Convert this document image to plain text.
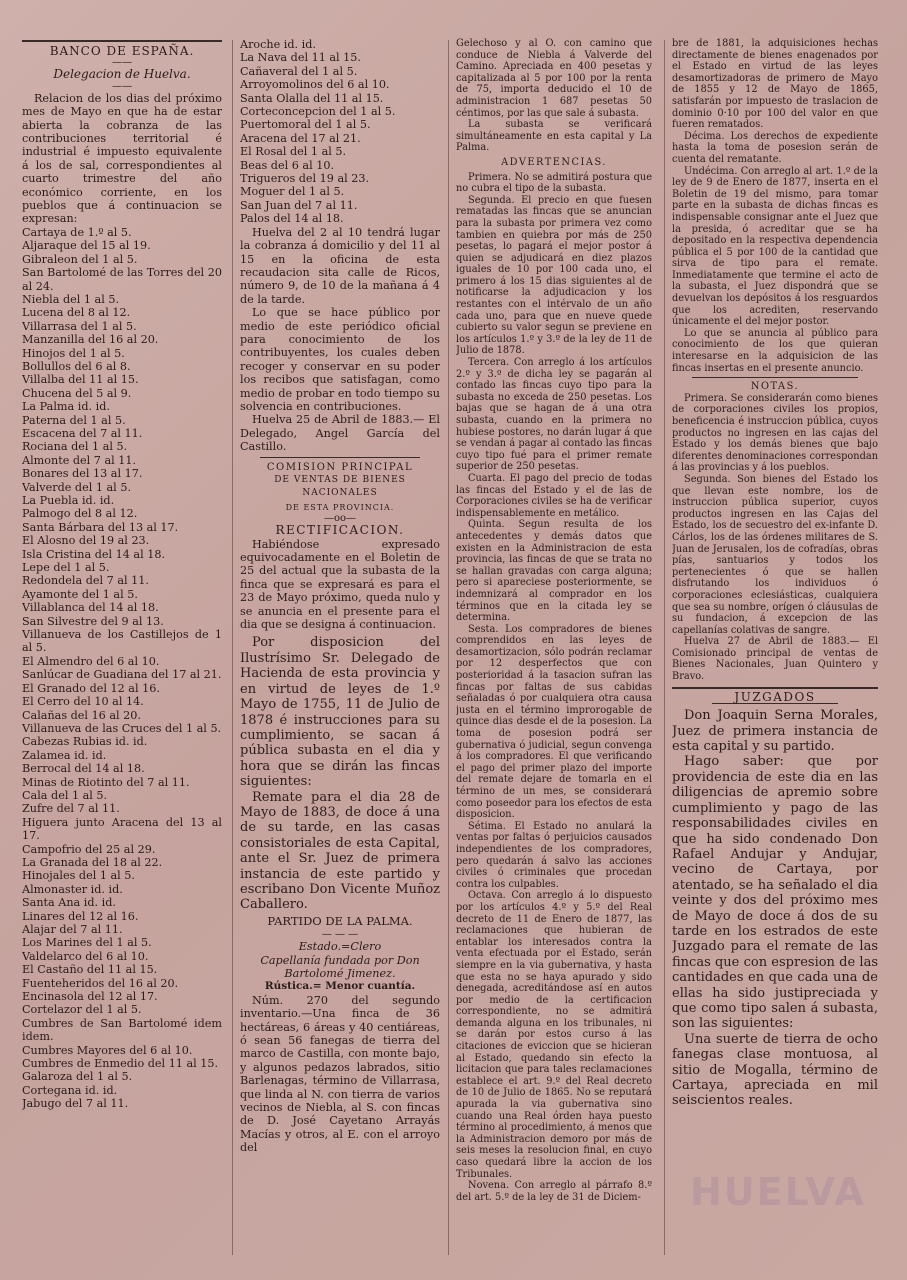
BANCO DE ESPAÑA.
——
Delegacion de Huelva.
——

Relacion de los dias del próximo mes de Mayo en que ha de estar abierta la cobranza de las contribuciones territorial é industrial é impuesto equivalente á los de sal, correspondientes al cuarto trimestre del año económico corriente, en los pueblos que á continuacion se expresan:

Cartaya de 1.º al 5.

Aljaraque del 15 al 19.

Gibraleon del 1 al 5.

San Bartolomé de las Torres del 20 al 24.

Niebla del 1 al 5.

Lucena del 8 al 12.

Villarrasa del 1 al 5.

Manzanilla del 16 al 20.

Hinojos del 1 al 5.

Bollullos del 6 al 8.

Villalba del 11 al 15.

Chucena del 5 al 9.

La Palma id. id.

Paterna del 1 al 5.

Escacena del 7 al 11.

Rociana del 1 al 5.

Almonte del 7 al 11.

Bonares del 13 al 17.

Valverde del 1 al 5.

La Puebla id. id.

Palmogo del 8 al 12.

Santa Bárbara del 13 al 17.

El Alosno del 19 al 23.

Isla Cristina del 14 al 18.

Lepe del 1 al 5.

Redondela del 7 al 11.

Ayamonte del 1 al 5.

Villablanca del 14 al 18.

San Silvestre del 9 al 13.

Villanueva de los Castillejos de 1 al 5.

El Almendro del 6 al 10.

Sanlúcar de Guadiana del 17 al 21.

El Granado del 12 al 16.

El Cerro del 10 al 14.

Calañas del 16 al 20.

Villanueva de las Cruces del 1 al 5.

Cabezas Rubias id. id.

Zalamea id. id.

Berrocal del 14 al 18.

Minas de Riotinto del 7 al 11.

Cala del 1 al 5.

Zufre del 7 al 11.

Higuera junto Aracena del 13 al 17.

Campofrio del 25 al 29.

La Granada del 18 al 22.

Hinojales del 1 al 5.

Almonaster id. id.

Santa Ana id. id.

Linares del 12 al 16.

Alajar del 7 al 11.

Los Marines del 1 al 5.

Valdelarco del 6 al 10.

El Castaño del 11 al 15.

Fuenteheridos del 16 al 20.

Encinasola del 12 al 17.

Cortelazor del 1 al 5.

Cumbres de San Bartolomé idem idem.

Cumbres Mayores del 6 al 10.

Cumbres de Enmedio del 11 al 15.

Galaroza del 1 al 5.

Cortegana id. id.

Jabugo del 7 al 11.

Aroche id. id.

La Nava del 11 al 15.

Cañaveral del 1 al 5.

Arroyomolinos del 6 al 10.

Santa Olalla del 11 al 15.

Corteconcepcion del 1 al 5.

Puertomoral del 1 al 5.

Aracena del 17 al 21.

El Rosal del 1 al 5.

Beas del 6 al 10.

Trigueros del 19 al 23.

Moguer del 1 al 5.

San Juan del 7 al 11.

Palos del 14 al 18.

Huelva del 2 al 10 tendrá lugar la cobranza á domicilio y del 11 al 15 en la oficina de esta recaudacion sita calle de Ricos, número 9, de 10 de la mañana á 4 de la tarde.

Lo que se hace público por medio de este periódico oficial para conocimiento de los contribuyentes, los cuales deben recoger y conservar en su poder los recibos que satisfagan, como medio de probar en todo tiempo su solvencia en contribuciones.

Huelva 25 de Abril de 1883.— El Delegado, Angel García del Castillo.

COMISION PRINCIPAL
DE VENTAS DE BIENES NACIONALES
DE ESTA PROVINCIA.
—oo—
RECTIFICACION.

Habiéndose expresado equivocadamente en el Boletin de 25 del actual que la subasta de la finca que se expresará es para el 23 de Mayo próximo, queda nulo y se anuncia en el presente para el dia que se designa á continuacion.

Por disposicion del Ilustrísimo Sr. Delegado de Hacienda de esta provincia y en virtud de leyes de 1.º Mayo de 1755, 11 de Julio de 1878 é instrucciones para su cumplimiento, se sacan á pública subasta en el dia y hora que se dirán las fincas siguientes:

Remate para el dia 28 de Mayo de 1883, de doce á una de su tarde, en las casas consistoriales de esta Capital, ante el Sr. Juez de primera instancia de este partido y escribano Don Vicente Muñoz Caballero.

PARTIDO DE LA PALMA.
— — —
Estado.=Clero
Capellanía fundada por Don Bartolomé Jimenez.
Rústica.= Menor cuantía.

Núm. 270 del segundo inventario.—Una finca de 36 hectáreas, 6 áreas y 40 centiáreas, ó sean 56 fanegas de tierra del marco de Castilla, con monte bajo, y algunos pedazos labrados, sitio Barlenagas, término de Villarrasa, que linda al N. con tierra de varios vecinos de Niebla, al S. con fincas de D. José Cayetano Arrayás Macías y otros, al E. con el arroyo del

Gelechoso y al O. con camino que conduce de Niebla á Valverde del Camino. Apreciada en 400 pesetas y capitalizada al 5 por 100 por la renta de 75, importa deducido el 10 de administracion 1 687 pesetas 50 céntimos, por las que sale á subasta.

La subasta se verificará simultáneamente en esta capital y La Palma.

ADVERTENCIAS.

Primera. No se admitirá postura que no cubra el tipo de la subasta.

Segunda. El precio en que fuesen rematadas las fincas que se anuncian para la subasta por primera vez como tambien en quiebra por más de 250 pesetas, lo pagará el mejor postor á quien se adjudicará en diez plazos iguales de 10 por 100 cada uno, el primero á los 15 dias siguientes al de notificarse la adjudicacion y los restantes con el intérvalo de un año cada uno, para que en nueve quede cubierto su valor segun se previene en los artículos 1.º y 3.º de la ley de 11 de Julio de 1878.

Tercera. Con arreglo á los artículos 2.º y 3.º de dicha ley se pagarán al contado las fincas cuyo tipo para la subasta no exceda de 250 pesetas. Los bajas que se hagan de á una otra subasta, cuando en la primera no hubiese postores, no darán lugar á que se vendan á pagar al contado las fincas cuyo tipo fué para el primer remate superior de 250 pesetas.

Cuarta. El pago del precio de todas las fincas del Estado y el de las de Corporaciones civiles se ha de verificar indispensablemente en metálico.

Quinta. Segun resulta de los antecedentes y demás datos que existen en la Administracion de esta provincia, las fincas de que se trata no se hallan gravadas con carga alguna; pero si apareciese posteriormente, se indemnizará al comprador en los términos que en la citada ley se determina.

Sesta. Los compradores de bienes comprendidos en las leyes de desamortizacion, sólo podrán reclamar por 12 desperfectos que con posterioridad á la tasacion sufran las fincas por faltas de sus cabidas señaladas ó por cualquiera otra causa justa en el término improrogable de quince dias desde el de la posesion. La toma de posesion podrá ser gubernativa ó judicial, segun convenga á los compradores. El que verificando el pago del primer plazo del importe del remate dejare de tomarla en el término de un mes, se considerará como poseedor para los efectos de esta disposicion.

Sétima. El Estado no anulará la ventas por faltas ó perjuicios causados independientes de los compradores, pero quedarán á salvo las acciones civiles ó criminales que procedan contra los culpables.

Octava. Con arreglo á lo dispuesto por los artículos 4.º y 5.º del Real decreto de 11 de Enero de 1877, las reclamaciones que hubieran de entablar los interesados contra la venta efectuada por el Estado, serán siempre en la via gubernativa, y hasta que esta no se haya apurado y sido denegada, acreditándose así en autos por medio de la certificacion correspondiente, no se admitirá demanda alguna en los tribunales, ni se darán por estos curso á las citaciones de eviccion que se hicieran al Estado, quedando sin efecto la licitacion que para tales reclamaciones establece el art. 9.º del Real decreto de 10 de Julio de 1865. No se reputará apurada la via gubernativa sino cuando una Real órden haya puesto término al procedimiento, á menos que la Administracion demoro por más de seis meses la resolucion final, en cuyo caso quedará libre la accion de los Tribunales.

Novena. Con arreglo al párrafo 8.º del art. 5.º de la ley de 31 de Diciem-

bre de 1881, la adquisiciones hechas directamente de bienes enagenados por el Estado en virtud de las leyes desamortizadoras de primero de Mayo de 1855 y 12 de Mayo de 1865, satisfarán por impuesto de traslacion de dominio 0·10 por 100 del valor en que fueren rematados.

Décima. Los derechos de expediente hasta la toma de posesion serán de cuenta del rematante.

Undécima. Con arreglo al art. 1.º de la ley de 9 de Enero de 1877, inserta en el Boletin de 19 del mismo, para tomar parte en la subasta de dichas fincas es indispensable consignar ante el Juez que la presida, ó acreditar que se ha depositado en la respectiva dependencia pública el 5 por 100 de la cantidad que sirva de tipo para el remate. Inmediatamente que termine el acto de la subasta, el Juez dispondrá que se devuelvan los depósitos á los resguardos que los acrediten, reservando únicamente el del mejor postor.

Lo que se anuncia al público para conocimiento de los que quieran interesarse en la adquisicion de las fincas insertas en el presente anuncio.

NOTAS.

Primera. Se considerarán como bienes de corporaciones civiles los propios, beneficencia é instruccion pública, cuyos productos no ingresen en las cajas del Estado y los demás bienes que bajo diferentes denominaciones correspondan á las provincias y á los pueblos.

Segunda. Son bienes del Estado los que llevan este nombre, los de instruccion pública superior, cuyos productos ingresen en las Cajas del Estado, los de secuestro del ex-infante D. Cárlos, los de las órdenes militares de S. Juan de Jerusalen, los de cofradías, obras pías, santuarios y todos los pertenecientes ó que se hallen disfrutando los individuos ó corporaciones eclesiásticas, cualquiera que sea su nombre, orígen ó cláusulas de su fundacion, á excepcion de las capellanías colativas de sangre.

Huelva 27 de Abril de 1883.— El Comisionado principal de ventas de Bienes Nacionales, Juan Quintero y Bravo.

JUZGADOS

Don Joaquin Serna Morales, Juez de primera instancia de esta capital y su partido.

Hago saber: que por providencia de este dia en las diligencias de apremio sobre cumplimiento y pago de las responsabilidades civiles en que ha sido condenado Don Rafael Andujar y Andujar, vecino de Cartaya, por atentado, se ha señalado el dia veinte y dos del próximo mes de Mayo de doce á dos de su tarde en los estrados de este Juzgado para el remate de las fincas que con espresion de las cantidades en que cada una de ellas ha sido justipreciada y que como tipo salen á subasta, son las siguientes:

Una suerte de tierra de ocho fanegas clase montuosa, al sitio de Mogalla, término de Cartaya, apreciada en mil seiscientos reales.

HUELVA
